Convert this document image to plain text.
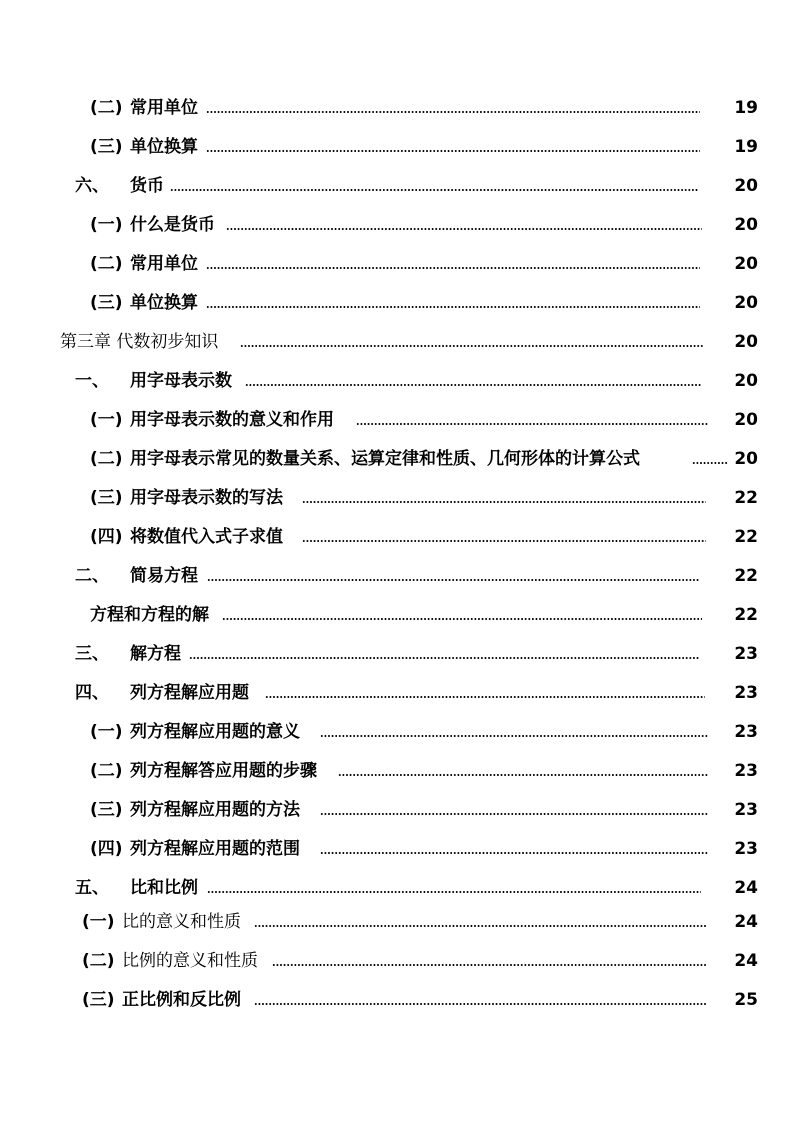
(二) 常用单位	19
(三) 单位换算	19
六、 货币	20
(一) 什么是货币	20
(二) 常用单位	20
(三) 单位换算	20
第三章 代数初步知识	20
一、 用字母表示数	20
(一) 用字母表示数的意义和作用	20
(二) 用字母表示常见的数量关系、运算定律和性质、几何形体的计算公式	20
(三) 用字母表示数的写法	22
(四) 将数值代入式子求值	22
二、 简易方程	22
方程和方程的解	22
三、 解方程	23
四、 列方程解应用题	23
(一) 列方程解应用题的意义	23
(二) 列方程解答应用题的步骤	23
(三) 列方程解应用题的方法	23
(四) 列方程解应用题的范围	23
五、 比和比例	24
(一) 比的意义和性质	24
(二) 比例的意义和性质	24
(三) 正比例和反比例	25
